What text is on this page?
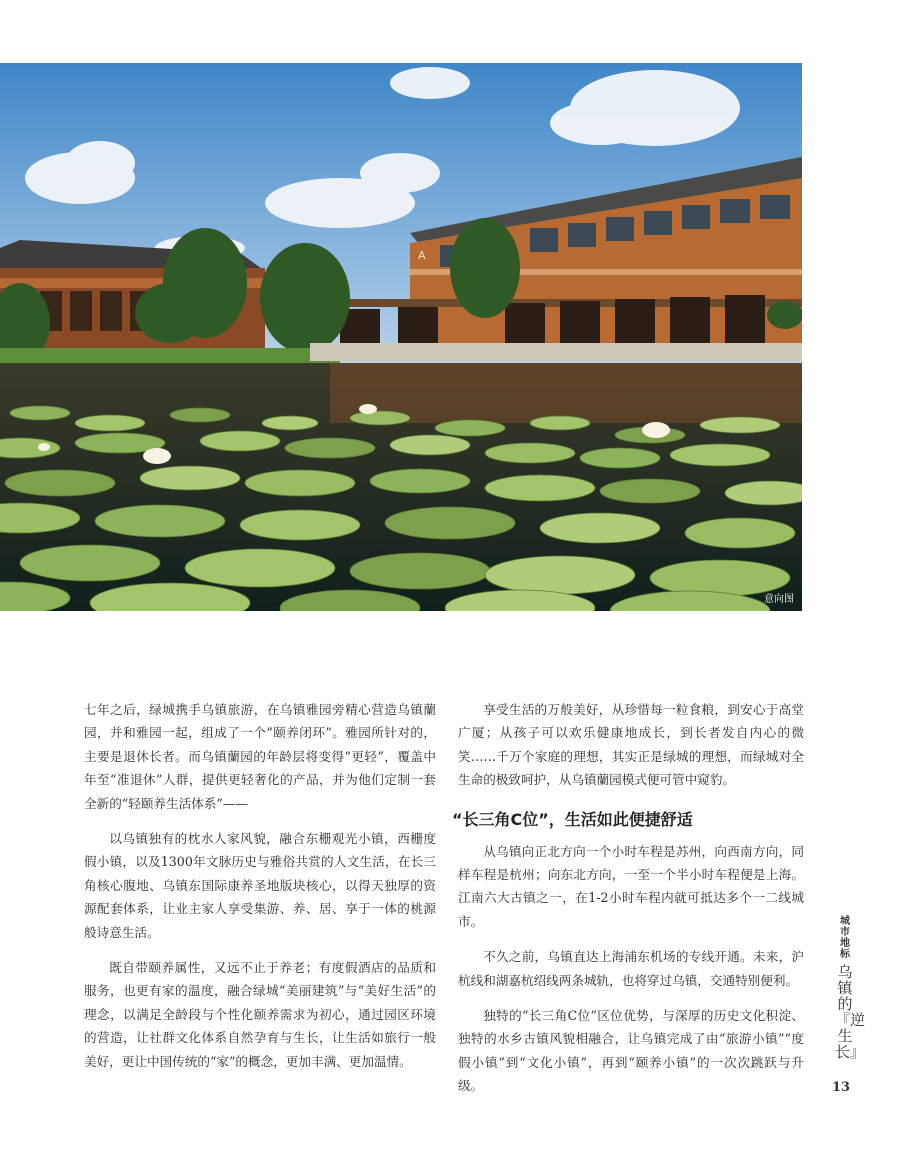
A
意向图

七年之后，绿城携手乌镇旅游，在乌镇雅园旁精心营造乌镇蘭园，并和雅园一起，组成了一个“颐养闭环”。雅园所针对的，主要是退休长者。而乌镇蘭园的年龄层将变得“更轻”，覆盖中年至“准退休”人群，提供更轻奢化的产品，并为他们定制一套全新的“轻颐养生活体系”——

以乌镇独有的枕水人家风貌，融合东栅观光小镇，西栅度假小镇，以及1300年文脉历史与雅俗共赏的人文生活，在长三角核心腹地、乌镇东国际康养圣地版块核心，以得天独厚的资源配套体系，让业主家人享受集游、养、居、享于一体的桃源般诗意生活。

既自带颐养属性，又远不止于养老；有度假酒店的品质和服务，也更有家的温度，融合绿城“美丽建筑”与“美好生活”的理念，以满足全龄段与个性化颐养需求为初心，通过园区环境的营造，让社群文化体系自然孕育与生长，让生活如旅行一般美好，更让中国传统的“家”的概念，更加丰满、更加温情。

享受生活的万般美好，从珍惜每一粒食粮，到安心于高堂广厦；从孩子可以欢乐健康地成长，到长者发自内心的微笑……千万个家庭的理想，其实正是绿城的理想，而绿城对全生命的极致呵护，从乌镇蘭园模式便可管中窥豹。

“长三角C位”，生活如此便捷舒适

从乌镇向正北方向一个小时车程是苏州，向西南方向，同样车程是杭州；向东北方向，一至一个半小时车程便是上海。江南六大古镇之一，在1-2小时车程内就可抵达多个一二线城市。

不久之前，乌镇直达上海浦东机场的专线开通。未来，沪杭线和湖嘉杭绍线两条城轨，也将穿过乌镇，交通特别便利。

独特的“长三角C位”区位优势，与深厚的历史文化积淀、独特的水乡古镇风貌相融合，让乌镇完成了由“旅游小镇”“度假小镇”到“文化小镇”，再到“颐养小镇”的一次次跳跃与升级。

城市地标
乌镇的『逆生长』
13
